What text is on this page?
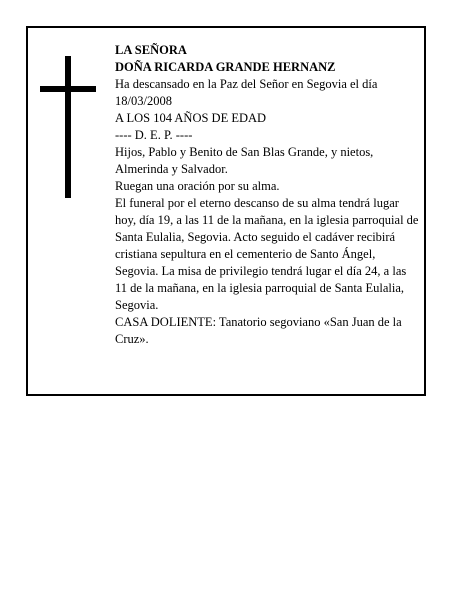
LA SEÑORA

DOÑA RICARDA GRANDE HERNANZ

Ha descansado en la Paz del Señor en Segovia el día 18/03/2008

A LOS 104 AÑOS DE EDAD

---- D. E. P. ----

Hijos, Pablo y Benito de San Blas Grande, y nietos, Almerinda y Salvador.

Ruegan una oración por su alma.

El funeral por el eterno descanso de su alma tendrá lugar hoy, día 19, a las 11 de la mañana, en la iglesia parroquial de Santa Eulalia, Segovia. Acto seguido el cadáver recibirá cristiana sepultura en el cementerio de Santo Ángel, Segovia. La misa de privilegio tendrá lugar el día 24, a las 11 de la mañana, en la iglesia parroquial de Santa Eulalia, Segovia.

CASA DOLIENTE: Tanatorio segoviano «San Juan de la Cruz».
